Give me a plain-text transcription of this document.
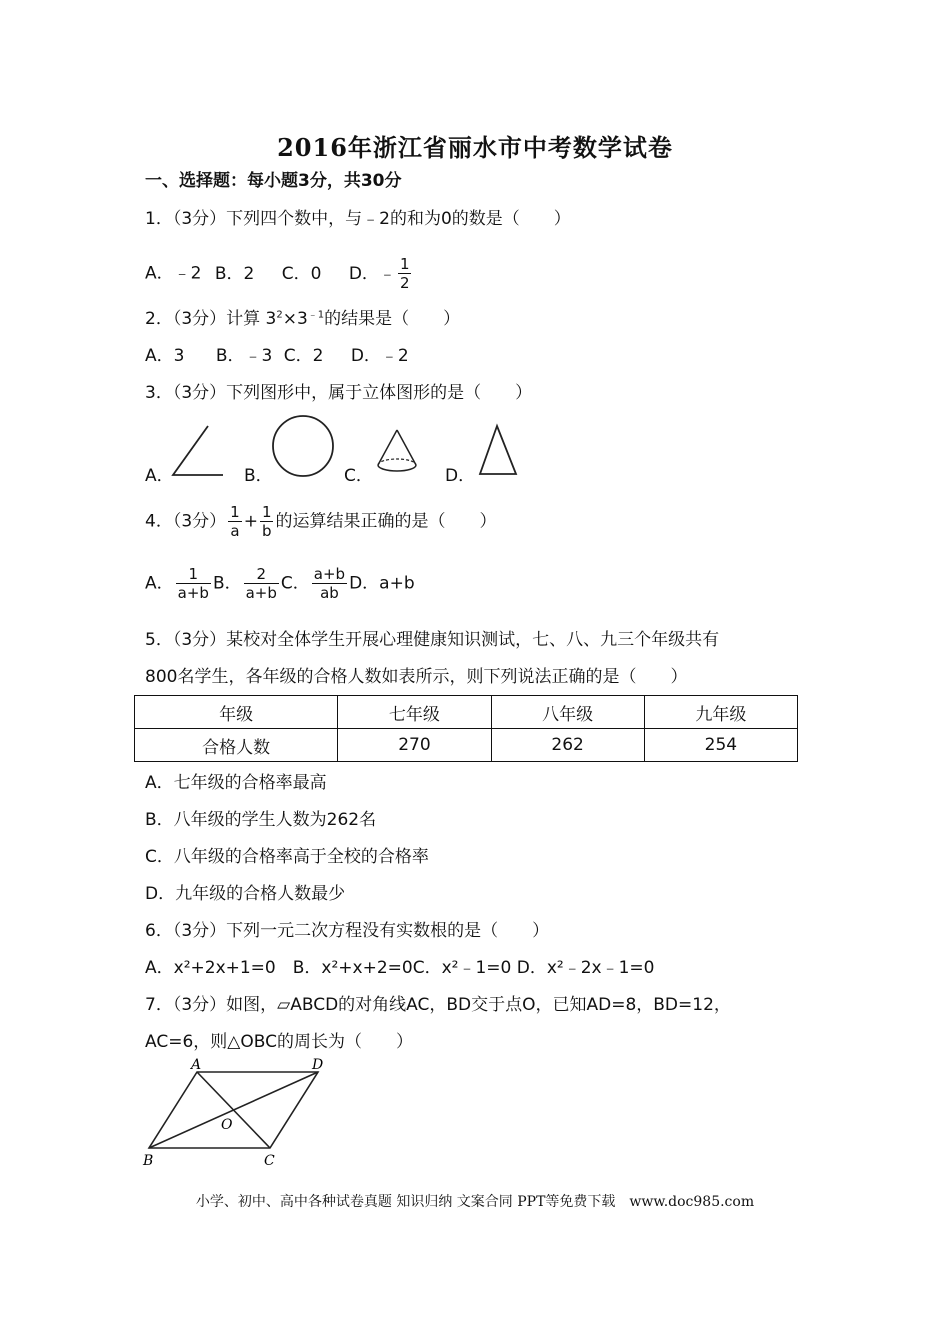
2016年浙江省丽水市中考数学试卷
一、选择题：每小题3分，共30分
1．（3分）下列四个数中，与﹣2的和为0的数是（　　）
A．﹣2 B．2 C．0 D．﹣ $\frac{1}{2}$
2．（3分）计算 $3^2\times 3^{﹣1}$的结果是（　　）
A．3 B．﹣3 C．2 D．﹣2
3．（3分）下列图形中，属于立体图形的是（　　）
A．	B．	C．	D．
4．（3分） $\frac{1}{a} + \frac{1}{b}$ 的运算结果正确的是（　　）
A． $\frac{1}{a+b}$ B． $\frac{2}{a+b}$ C． $\frac{a+b}{ab}$ D．a+b
5．（3分）某校对全体学生开展心理健康知识测试，七、八、九三个年级共有
800名学生，各年级的合格人数如表所示，则下列说法正确的是（　　）
年级	七年级	八年级	九年级
合格人数	270	262	254
A．七年级的合格率最高
B．八年级的学生人数为262名
C．八年级的合格率高于全校的合格率
D．九年级的合格人数最少
6．（3分）下列一元二次方程没有实数根的是（　　）
A．x²+2x+1=0　B．x²+x+2=0C．x²﹣1=0 D．x²﹣2x﹣1=0
7．（3分）如图，▱ABCD的对角线AC，BD交于点O，已知AD=8，BD=12，
AC=6，则△OBC的周长为（　　）
A	D
B	C
O
小学、初中、高中各种试卷真题 知识归纳 文案合同 PPT等免费下载　www.doc985.com
